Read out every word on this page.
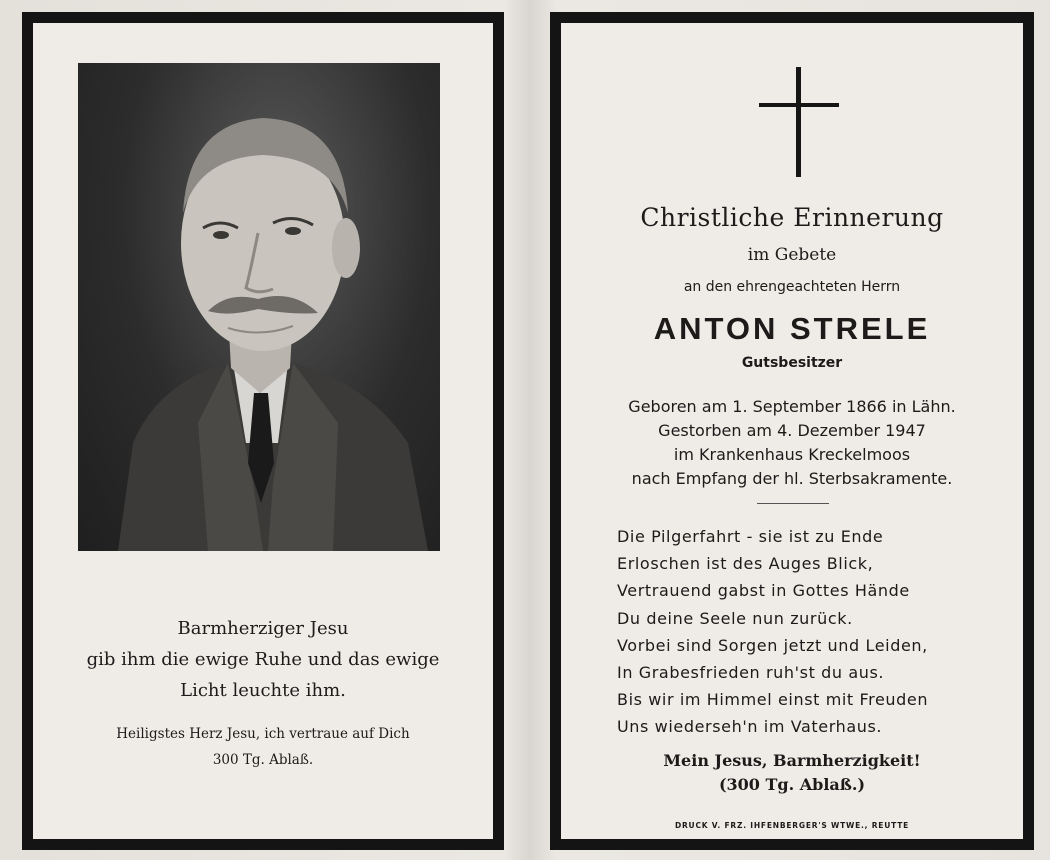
Barmherziger Jesu
gib ihm die ewige Ruhe und das ewige
Licht leuchte ihm.
Heiligstes Herz Jesu, ich vertraue auf Dich
300 Tg. Ablaß.
Christliche Erinnerung
im Gebete
an den ehrengeachteten Herrn
ANTON STRELE
Gutsbesitzer
Geboren am 1. September 1866 in Lähn.
Gestorben am 4. Dezember 1947
im Krankenhaus Kreckelmoos
nach Empfang der hl. Sterbsakramente.
Die Pilgerfahrt - sie ist zu Ende
Erloschen ist des Auges Blick,
Vertrauend gabst in Gottes Hände
Du deine Seele nun zurück.
Vorbei sind Sorgen jetzt und Leiden,
In Grabesfrieden ruh'st du aus.
Bis wir im Himmel einst mit Freuden
Uns wiederseh'n im Vaterhaus.
Mein Jesus, Barmherzigkeit!
(300 Tg. Ablaß.)
DRUCK V. FRZ. IHFENBERGER'S WTWE., REUTTE
